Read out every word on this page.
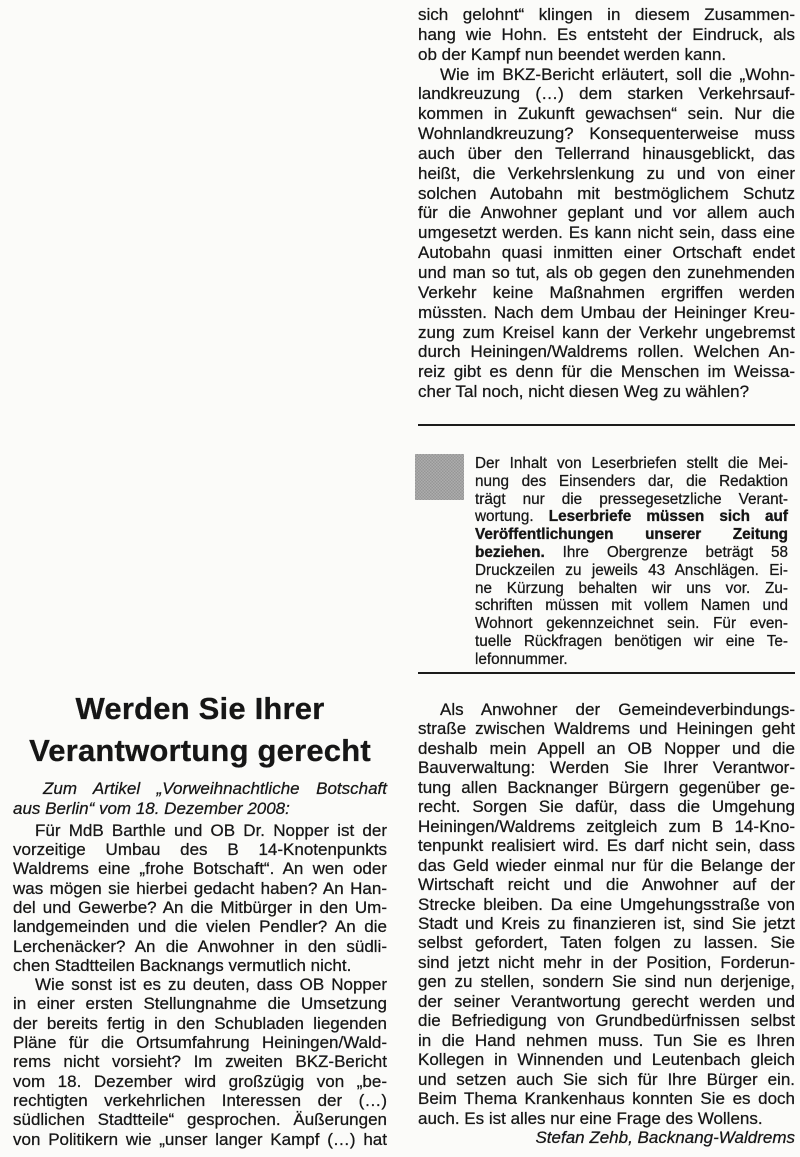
sich gelohnt“ klingen in diesem Zusammen-
hang wie Hohn. Es entsteht der Eindruck, als
ob der Kampf nun beendet werden kann.
Wie im BKZ-Bericht erläutert, soll die „Wohn-
landkreuzung (…) dem starken Verkehrsauf-
kommen in Zukunft gewachsen“ sein. Nur die
Wohnlandkreuzung? Konsequenterweise muss
auch über den Tellerrand hinausgeblickt, das
heißt, die Verkehrslenkung zu und von einer
solchen Autobahn mit bestmöglichem Schutz
für die Anwohner geplant und vor allem auch
umgesetzt werden. Es kann nicht sein, dass eine
Autobahn quasi inmitten einer Ortschaft endet
und man so tut, als ob gegen den zunehmenden
Verkehr keine Maßnahmen ergriffen werden
müssten. Nach dem Umbau der Heininger Kreu-
zung zum Kreisel kann der Verkehr ungebremst
durch Heiningen/Waldrems rollen. Welchen An-
reiz gibt es denn für die Menschen im Weissa-
cher Tal noch, nicht diesen Weg zu wählen?
Der Inhalt von Leserbriefen stellt die Mei-
nung des Einsenders dar, die Redaktion
trägt nur die pressegesetzliche Verant-
wortung. Leserbriefe müssen sich auf
Veröffentlichungen unserer Zeitung
beziehen. Ihre Obergrenze beträgt 58
Druckzeilen zu jeweils 43 Anschlägen. Ei-
ne Kürzung behalten wir uns vor. Zu-
schriften müssen mit vollem Namen und
Wohnort gekennzeichnet sein. Für even-
tuelle Rückfragen benötigen wir eine Te-
lefonnummer.
Als Anwohner der Gemeindeverbindungs-
straße zwischen Waldrems und Heiningen geht
deshalb mein Appell an OB Nopper und die
Bauverwaltung: Werden Sie Ihrer Verantwor-
tung allen Backnanger Bürgern gegenüber ge-
recht. Sorgen Sie dafür, dass die Umgehung
Heiningen/Waldrems zeitgleich zum B 14-Kno-
tenpunkt realisiert wird. Es darf nicht sein, dass
das Geld wieder einmal nur für die Belange der
Wirtschaft reicht und die Anwohner auf der
Strecke bleiben. Da eine Umgehungsstraße von
Stadt und Kreis zu finanzieren ist, sind Sie jetzt
selbst gefordert, Taten folgen zu lassen. Sie
sind jetzt nicht mehr in der Position, Forderun-
gen zu stellen, sondern Sie sind nun derjenige,
der seiner Verantwortung gerecht werden und
die Befriedigung von Grundbedürfnissen selbst
in die Hand nehmen muss. Tun Sie es Ihren
Kollegen in Winnenden und Leutenbach gleich
und setzen auch Sie sich für Ihre Bürger ein.
Beim Thema Krankenhaus konnten Sie es doch
auch. Es ist alles nur eine Frage des Wollens.
Stefan Zehb, Backnang-Waldrems
Werden Sie Ihrer
Verantwortung gerecht
Zum Artikel „Vorweihnachtliche Botschaft
aus Berlin“ vom 18. Dezember 2008:
Für MdB Barthle und OB Dr. Nopper ist der
vorzeitige Umbau des B 14-Knotenpunkts
Waldrems eine „frohe Botschaft“. An wen oder
was mögen sie hierbei gedacht haben? An Han-
del und Gewerbe? An die Mitbürger in den Um-
landgemeinden und die vielen Pendler? An die
Lerchenäcker? An die Anwohner in den südli-
chen Stadtteilen Backnangs vermutlich nicht.
Wie sonst ist es zu deuten, dass OB Nopper
in einer ersten Stellungnahme die Umsetzung
der bereits fertig in den Schubladen liegenden
Pläne für die Ortsumfahrung Heiningen/Wald-
rems nicht vorsieht? Im zweiten BKZ-Bericht
vom 18. Dezember wird großzügig von „be-
rechtigten verkehrlichen Interessen der (…)
südlichen Stadtteile“ gesprochen. Äußerungen
von Politikern wie „unser langer Kampf (…) hat
